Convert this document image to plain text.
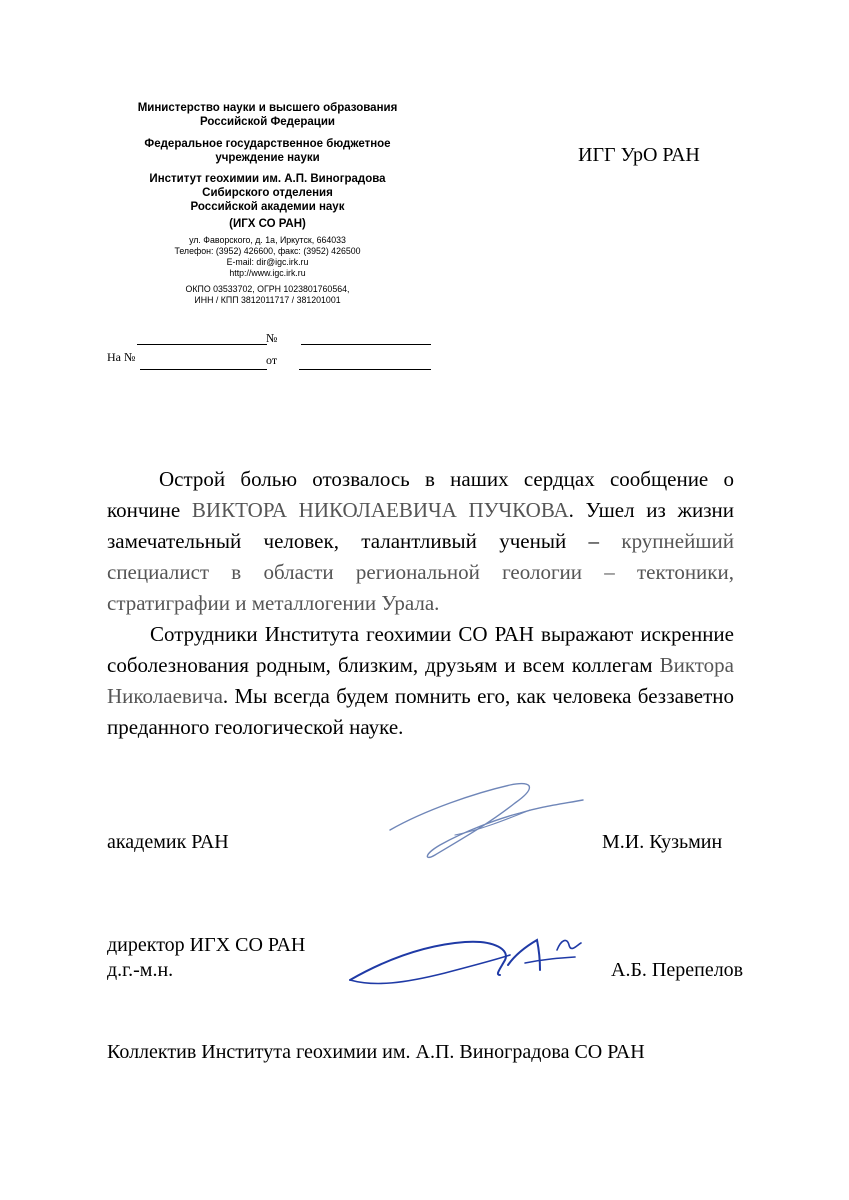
Министерство науки и высшего образования
Российской Федерации
Федеральное государственное бюджетное
учреждение науки
Институт геохимии им. А.П. Виноградова
Сибирского отделения
Российской академии наук
(ИГХ СО РАН)
ул. Фаворского, д. 1а, Иркутск, 664033
Телефон: (3952) 426600, факс: (3952) 426500
E-mail: dir@igc.irk.ru
http://www.igc.irk.ru
ОКПО 03533702, ОГРН 1023801760564,
ИНН / КПП 3812011717 / 381201001
№
На №	от
ИГГ УрО РАН
Острой болью отозвалось в наших сердцах сообщение о кончине ВИКТОРА НИКОЛАЕВИЧА ПУЧКОВА. Ушел из жизни замечательный человек, талантливый ученый – крупнейший специалист в области региональной геологии – тектоники, стратиграфии и металлогении Урала.
Сотрудники Института геохимии СО РАН выражают искренние соболезнования родным, близким, друзьям и всем коллегам Виктора Николаевича. Мы всегда будем помнить его, как человека беззаветно преданного геологической науке.
академик РАН	М.И. Кузьмин
директор ИГХ СО РАН
д.г.-м.н.	А.Б. Перепелов
Коллектив Института геохимии им. А.П. Виноградова СО РАН
